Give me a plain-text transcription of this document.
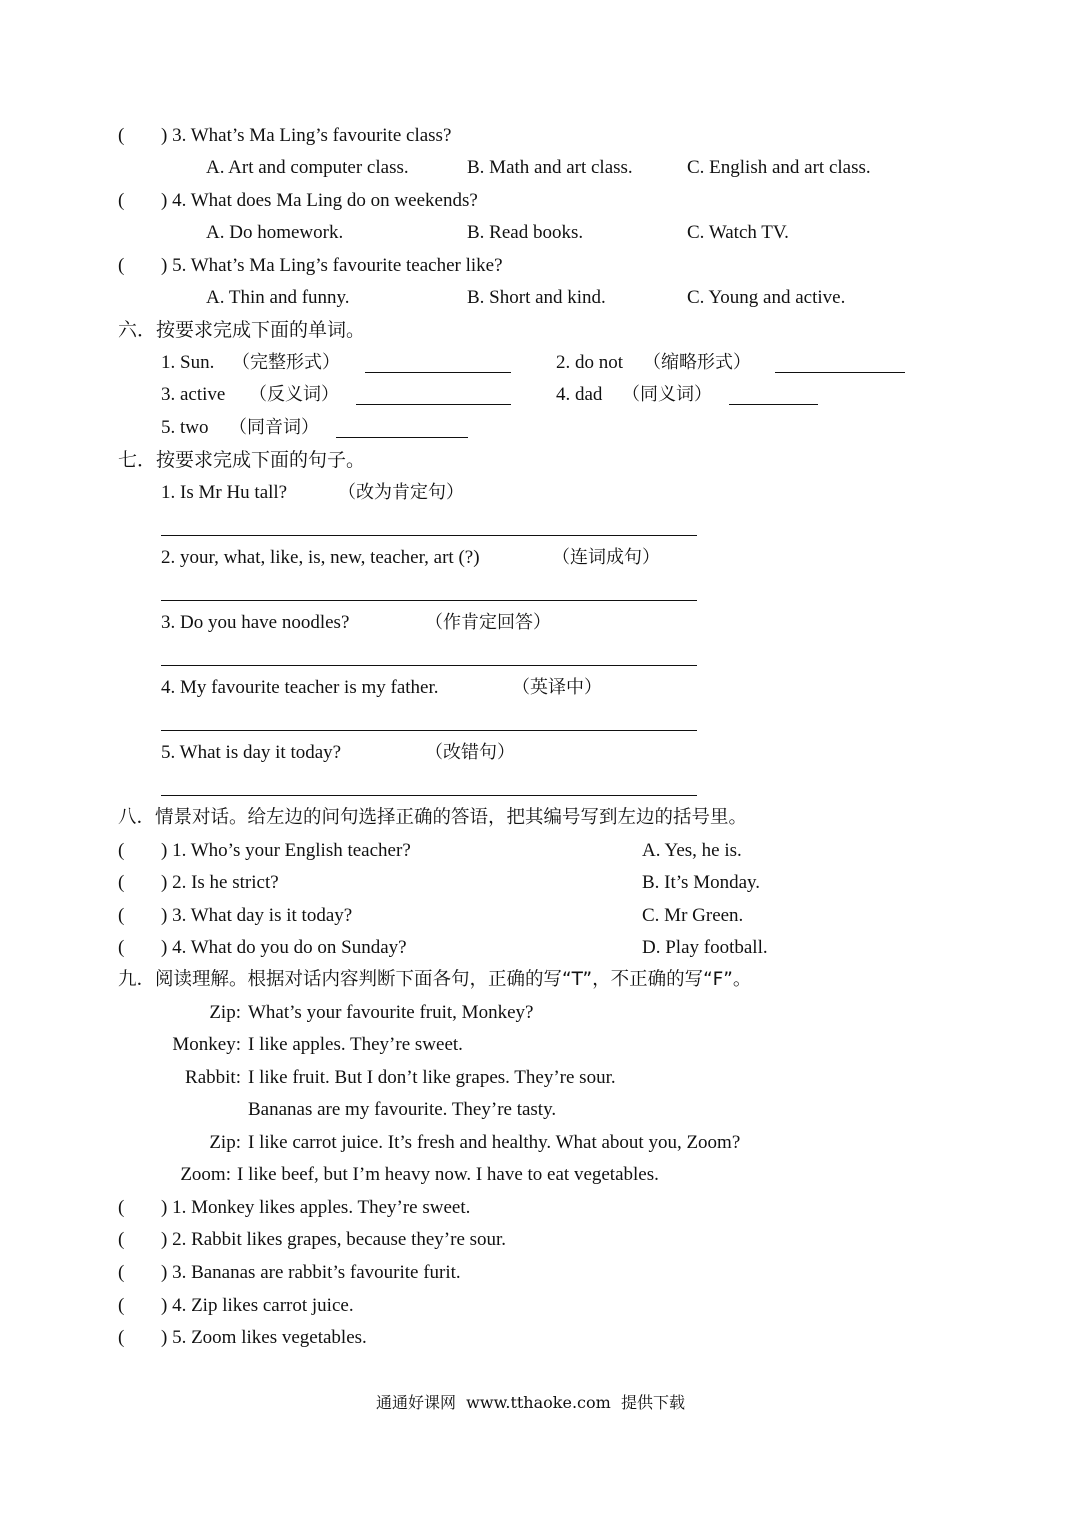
( ) 3. What’s Ma Ling’s favourite class?
A. Art and computer class.	B. Math and art class.	C. English and art class.
( ) 4. What does Ma Ling do on weekends?
A. Do homework.	B. Read books.	C. Watch TV.
( ) 5. What’s Ma Ling’s favourite teacher like?
A. Thin and funny.	B. Short and kind.	C. Young and active.
六．按要求完成下面的单词。
1. Sun. （完整形式）	2. do not （缩略形式）
3. active （反义词）	4. dad （同义词）
5. two （同音词）
七．按要求完成下面的句子。
1. Is Mr Hu tall?	（改为肯定句）
2. your, what, like, is, new, teacher, art (?)	（连词成句）
3. Do you have noodles?	（作肯定回答）
4. My favourite teacher is my father.	（英译中）
5. What is day it today?	（改错句）
八．情景对话。给左边的问句选择正确的答语，把其编号写到左边的括号里。
( ) 1. Who’s your English teacher?	A. Yes, he is.
( ) 2. Is he strict?	B. It’s Monday.
( ) 3. What day is it today?	C. Mr Green.
( ) 4. What do you do on Sunday?	D. Play football.
九．阅读理解。根据对话内容判断下面各句，正确的写“T”，不正确的写“F”。
Zip: What’s your favourite fruit, Monkey?
Monkey: I like apples. They’re sweet.
Rabbit: I like fruit. But I don’t like grapes. They’re sour.
Bananas are my favourite. They’re tasty.
Zip: I like carrot juice. It’s fresh and healthy. What about you, Zoom?
Zoom: I like beef, but I’m heavy now. I have to eat vegetables.
( ) 1. Monkey likes apples. They’re sweet.
( ) 2. Rabbit likes grapes, because they’re sour.
( ) 3. Bananas are rabbit’s favourite furit.
( ) 4. Zip likes carrot juice.
( ) 5. Zoom likes vegetables.
通通好课网  www.tthaoke.com  提供下载
